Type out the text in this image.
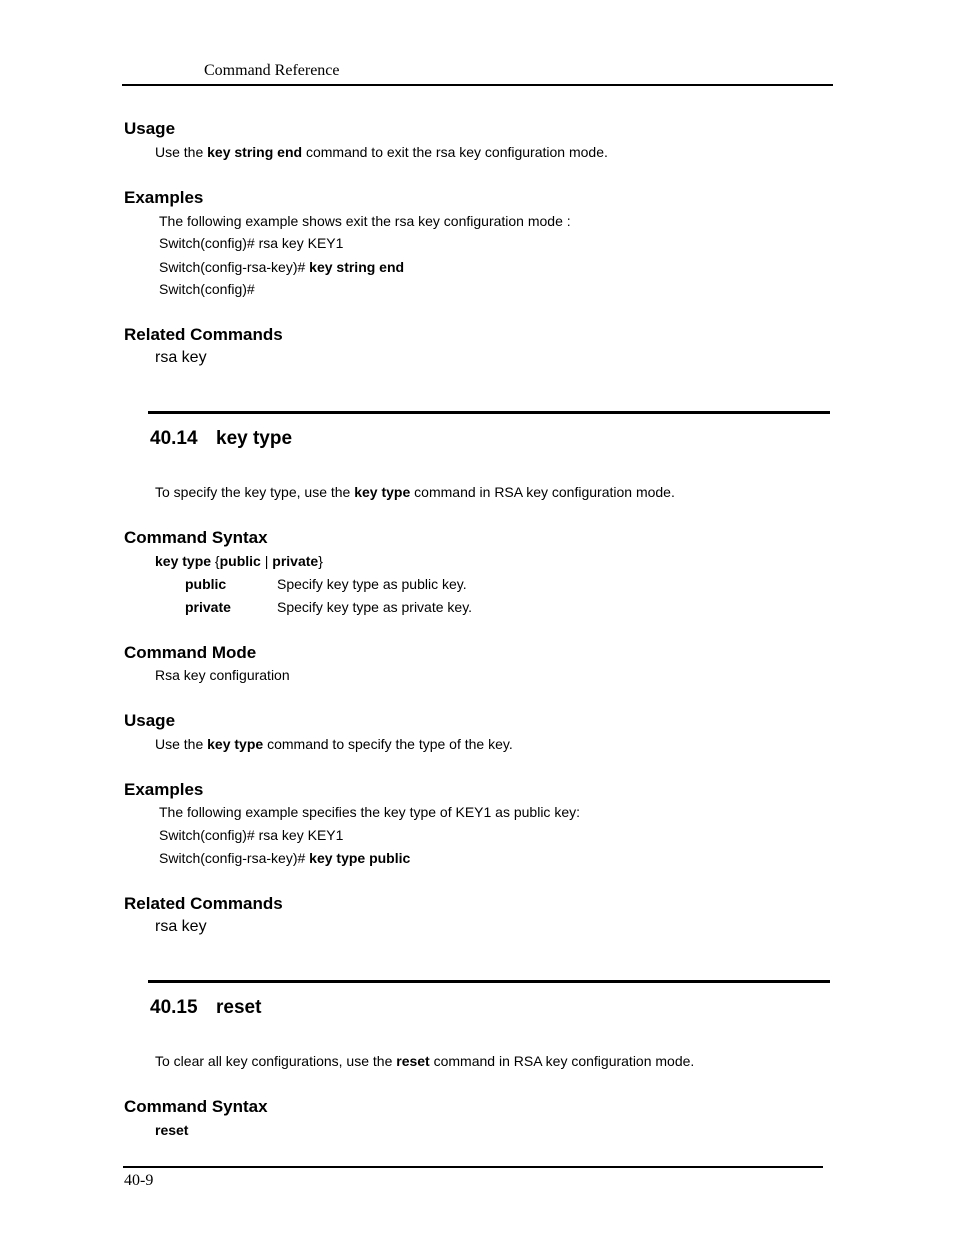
Command Reference
Usage
Use the key string end command to exit the rsa key configuration mode.
Examples
The following example shows exit the rsa key configuration mode :
Switch(config)# rsa key KEY1
Switch(config-rsa-key)# key string end
Switch(config)#
Related Commands
rsa key
40.14 key type
To specify the key type, use the key type command in RSA key configuration mode.
Command Syntax
key type {public | private}
public	Specify key type as public key.
private	Specify key type as private key.
Command Mode
Rsa key configuration
Usage
Use the key type command to specify the type of the key.
Examples
The following example specifies the key type of KEY1 as public key:
Switch(config)# rsa key KEY1
Switch(config-rsa-key)# key type public
Related Commands
rsa key
40.15 reset
To clear all key configurations, use the reset command in RSA key configuration mode.
Command Syntax
reset
40-9
